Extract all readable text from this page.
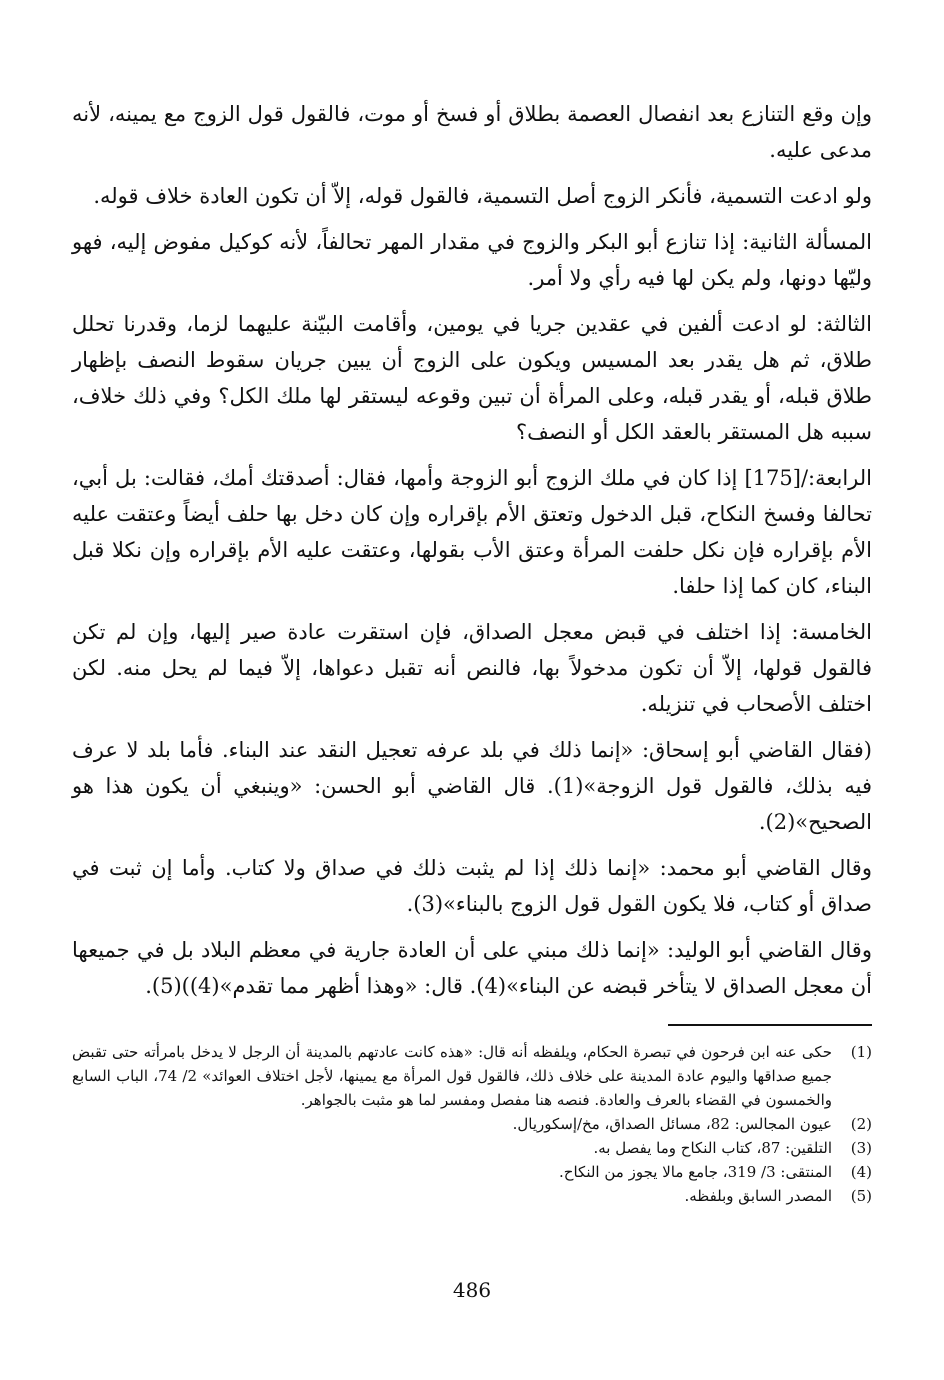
وإن وقع التنازع بعد انفصال العصمة بطلاق أو فسخ أو موت، فالقول قول الزوج مع يمينه، لأنه مدعى عليه.

ولو ادعت التسمية، فأنكر الزوج أصل التسمية، فالقول قوله، إلاّ أن تكون العادة خلاف قوله.

المسألة الثانية: إذا تنازع أبو البكر والزوج في مقدار المهر تحالفاً، لأنه كوكيل مفوض إليه، فهو وليّها دونها، ولم يكن لها فيه رأي ولا أمر.

الثالثة: لو ادعت ألفين في عقدين جريا في يومين، وأقامت البيّنة عليهما لزما، وقدرنا تحلل طلاق، ثم هل يقدر بعد المسيس ويكون على الزوج أن يبين جريان سقوط النصف بإظهار طلاق قبله، أو يقدر قبله، وعلى المرأة أن تبين وقوعه ليستقر لها ملك الكل؟ وفي ذلك خلاف، سببه هل المستقر بالعقد الكل أو النصف؟

الرابعة:/[175] إذا كان في ملك الزوج أبو الزوجة وأمها، فقال: أصدقتك أمك، فقالت: بل أبي، تحالفا وفسخ النكاح، قبل الدخول وتعتق الأم بإقراره وإن كان دخل بها حلف أيضاً وعتقت عليه الأم بإقراره فإن نكل حلفت المرأة وعتق الأب بقولها، وعتقت عليه الأم بإقراره وإن نكلا قبل البناء، كان كما إذا حلفا.

الخامسة: إذا اختلف في قبض معجل الصداق، فإن استقرت عادة صير إليها، وإن لم تكن فالقول قولها، إلاّ أن تكون مدخولاً بها، فالنص أنه تقبل دعواها، إلاّ فيما لم يحل منه. لكن اختلف الأصحاب في تنزيله.

(فقال القاضي أبو إسحاق: «إنما ذلك في بلد عرفه تعجيل النقد عند البناء. فأما بلد لا عرف فيه بذلك، فالقول قول الزوجة»(1). قال القاضي أبو الحسن: «وينبغي أن يكون هذا هو الصحيح»(2).

وقال القاضي أبو محمد: «إنما ذلك إذا لم يثبت ذلك في صداق ولا كتاب. وأما إن ثبت في صداق أو كتاب، فلا يكون القول قول الزوج بالبناء»(3).

وقال القاضي أبو الوليد: «إنما ذلك مبني على أن العادة جارية في معظم البلاد بل في جميعها أن معجل الصداق لا يتأخر قبضه عن البناء»(4). قال: «وهذا أظهر مما تقدم»(4))(5).

(1)
حكى عنه ابن فرحون في تبصرة الحكام، ويلفظه أنه قال: «هذه كانت عادتهم بالمدينة أن الرجل لا يدخل بامرأته حتى تقبض جميع صداقها واليوم عادة المدينة على خلاف ذلك، فالقول قول المرأة مع يمينها، لأجل اختلاف العوائد» 2/ 74، الباب السابع والخمسون في القضاء بالعرف والعادة. فنصه هنا مفصل ومفسر لما هو مثبت بالجواهر.
(2)
عيون المجالس: 82، مسائل الصداق، مخ/إسكوريال.
(3)
التلقين: 87، كتاب النكاح وما يفصل به.
(4)
المنتقى: 3/ 319، جامع مالا يجوز من النكاح.
(5)
المصدر السابق وبلفظه.
486
